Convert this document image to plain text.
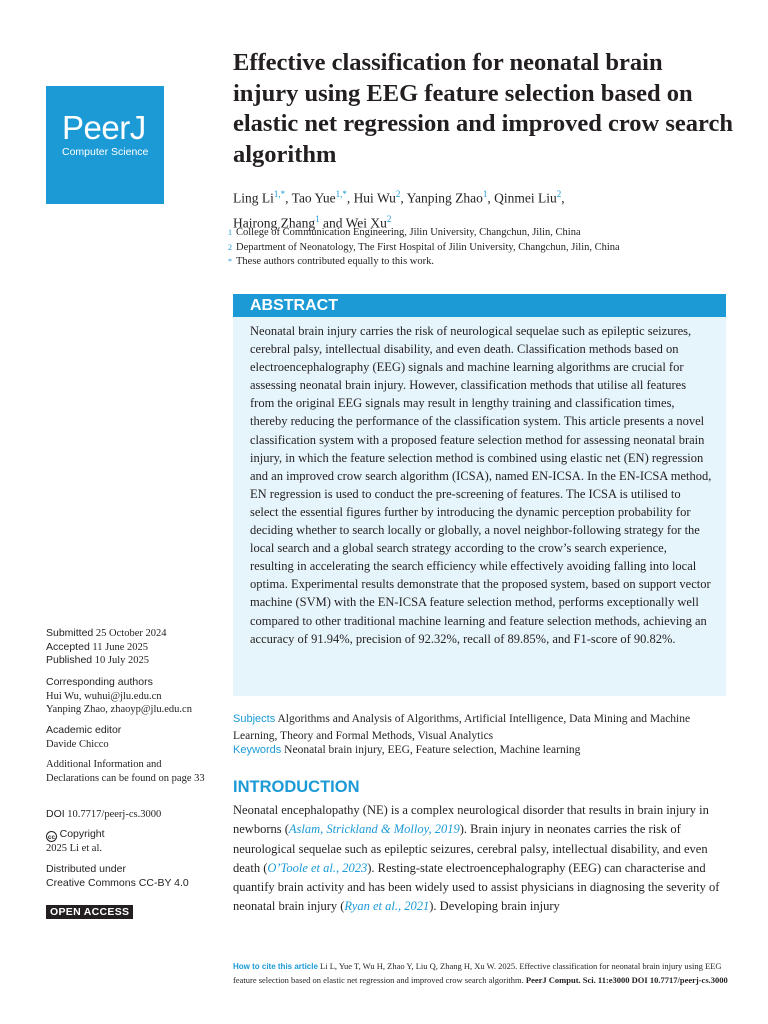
PeerJ
Computer Science
Effective classification for neonatal brain injury using EEG feature selection based on elastic net regression and improved crow search algorithm
Ling $Li^{1,*}$, Tao Yue$^{1,*}$, Hui Wu$^2$, Yanping Zhao$^1$, Qinmei Liu$^2$,
Hairong Zhang$^1$ and Wei Xu$^2$
1 College of Communication Engineering, Jilin University, Changchun, Jilin, China
2 Department of Neonatology, The First Hospital of Jilin University, Changchun, Jilin, China
* These authors contributed equally to this work.
ABSTRACT

Neonatal brain injury carries the risk of neurological sequelae such as epileptic seizures, cerebral palsy, intellectual disability, and even death. Classification methods based on electroencephalography (EEG) signals and machine learning algorithms are crucial for assessing neonatal brain injury. However, classification methods that utilise all features from the original EEG signals may result in lengthy training and classification times, thereby reducing the performance of the classification system. This article presents a novel classification system with a proposed feature selection method for assessing neonatal brain injury, in which the feature selection method is combined using elastic net (EN) regression and an improved crow search algorithm (ICSA), named EN-ICSA. In the EN-ICSA method, EN regression is used to conduct the pre-screening of features. The ICSA is utilised to select the essential figures further by introducing the dynamic perception probability for deciding whether to search locally or globally, a novel neighbor-following strategy for the local search and a global search strategy according to the crow’s search experience, resulting in accelerating the search efficiency while effectively avoiding falling into local optima. Experimental results demonstrate that the proposed system, based on support vector machine (SVM) with the EN-ICSA feature selection method, performs exceptionally well compared to other traditional machine learning and feature selection methods, achieving an accuracy of 91.94%, precision of 92.32%, recall of 89.85%, and F1-score of 90.82%.

Subjects Algorithms and Analysis of Algorithms, Artificial Intelligence, Data Mining and Machine Learning, Theory and Formal Methods, Visual Analytics
Keywords Neonatal brain injury, EEG, Feature selection, Machine learning
INTRODUCTION

Neonatal encephalopathy (NE) is a complex neurological disorder that results in brain injury in newborns (Aslam, Strickland & Molloy, 2019). Brain injury in neonates carries the risk of neurological sequelae such as epileptic seizures, cerebral palsy, intellectual disability, and even death (O’Toole et al., 2023). Resting-state electroencephalography (EEG) can characterise and quantify brain activity and has been widely used to assist physicians in diagnosing the severity of neonatal brain injury (Ryan et al., 2021). Developing brain injury

Submitted 25 October 2024
Accepted 11 June 2025
Published 10 July 2025
Corresponding authors
Hui Wu, wuhui@jlu.edu.cn
Yanping Zhao, zhaoyp@jlu.edu.cn
Academic editor
Davide Chicco
Additional Information and Declarations can be found on page 33
DOI 10.7717/peerj-cs.3000
cc Copyright
2025 Li et al.
Distributed under
Creative Commons CC-BY 4.0
OPEN ACCESS
How to cite this article Li L, Yue T, Wu H, Zhao Y, Liu Q, Zhang H, Xu W. 2025. Effective classification for neonatal brain injury using EEG feature selection based on elastic net regression and improved crow search algorithm. PeerJ Comput. Sci. 11:e3000 DOI 10.7717/peerj-cs.3000
